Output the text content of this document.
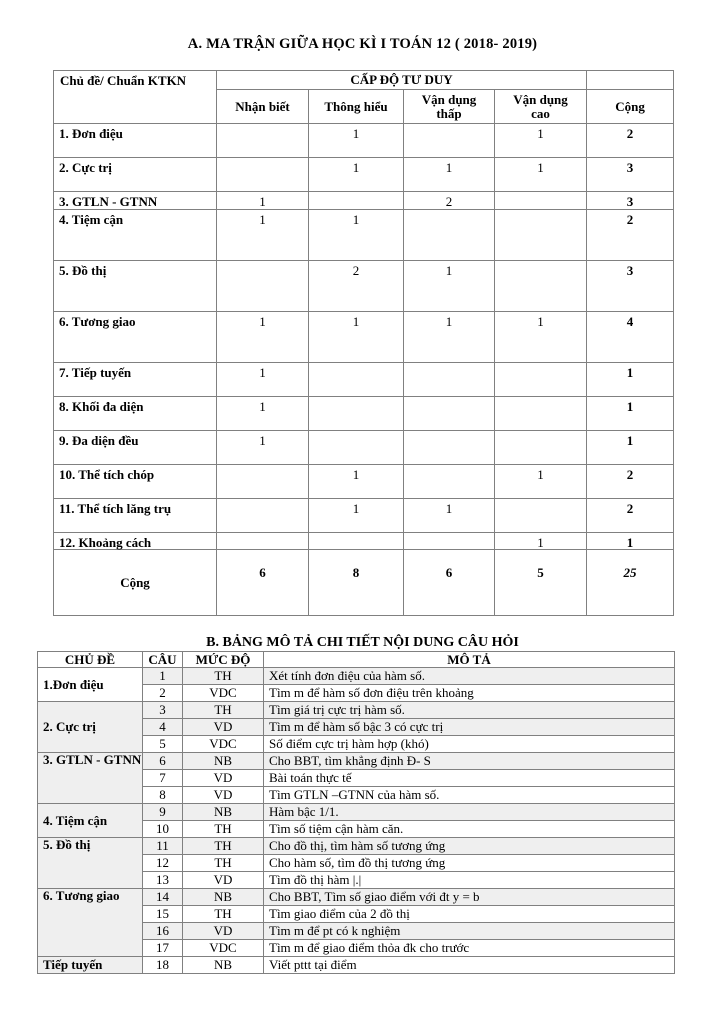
A. MA TRẬN GIỮA HỌC KÌ I TOÁN 12 ( 2018- 2019)
Chủ đề/ Chuẩn KTKN	CẤP ĐỘ TƯ DUY				
	Nhận biết	Thông hiểu	Vận dụng thấp	Vận dụng cao	Cộng
1. Đơn điệu		1		1	2
2. Cực trị		1	1	1	3
3. GTLN - GTNN	1		2		3
4. Tiệm cận	1	1			2
5. Đồ thị		2	1		3
6. Tương giao	1	1	1	1	4
7. Tiếp tuyến	1				1
8. Khối đa diện	1				1
9. Đa diện đều	1				1
10. Thể tích chóp		1		1	2
11. Thể tích lăng trụ		1	1		2
12. Khoảng cách				1	1
Cộng	6	8	6	5	25
B. BẢNG MÔ TẢ CHI TIẾT NỘI DUNG CÂU HỎI
CHỦ ĐỀ	CÂU	MỨC ĐỘ	MÔ TẢ
1.Đơn điệu	1	TH	Xét tính đơn điệu của hàm số.
	2	VDC	Tìm m để hàm số đơn điệu trên khoảng
2. Cực trị	3	TH	Tìm giá trị cực trị hàm số.
	4	VD	Tìm m để hàm số bậc 3 có cực trị
	5	VDC	Số điểm cực trị hàm hợp (khó)
3. GTLN - GTNN	6	NB	Cho BBT, tìm khẳng định Đ- S
	7	VD	Bài toán thực tế
	8	VD	Tìm GTLN –GTNN của hàm số.
4. Tiệm cận	9	NB	Hàm bậc 1/1.
	10	TH	Tìm số tiệm cận hàm căn.
5. Đồ thị	11	TH	Cho đồ thị, tìm hàm số tương ứng
	12	TH	Cho hàm số, tìm đồ thị tương ứng
	13	VD	Tìm đồ thị hàm |.|
6. Tương giao	14	NB	Cho BBT, Tìm số giao điểm với đt y = b
	15	TH	Tìm giao điểm của 2 đồ thị
	16	VD	Tìm m để pt có k nghiệm
	17	VDC	Tìm m để giao điểm thỏa đk cho trước
Tiếp tuyến	18	NB	Viết pttt tại điểm
